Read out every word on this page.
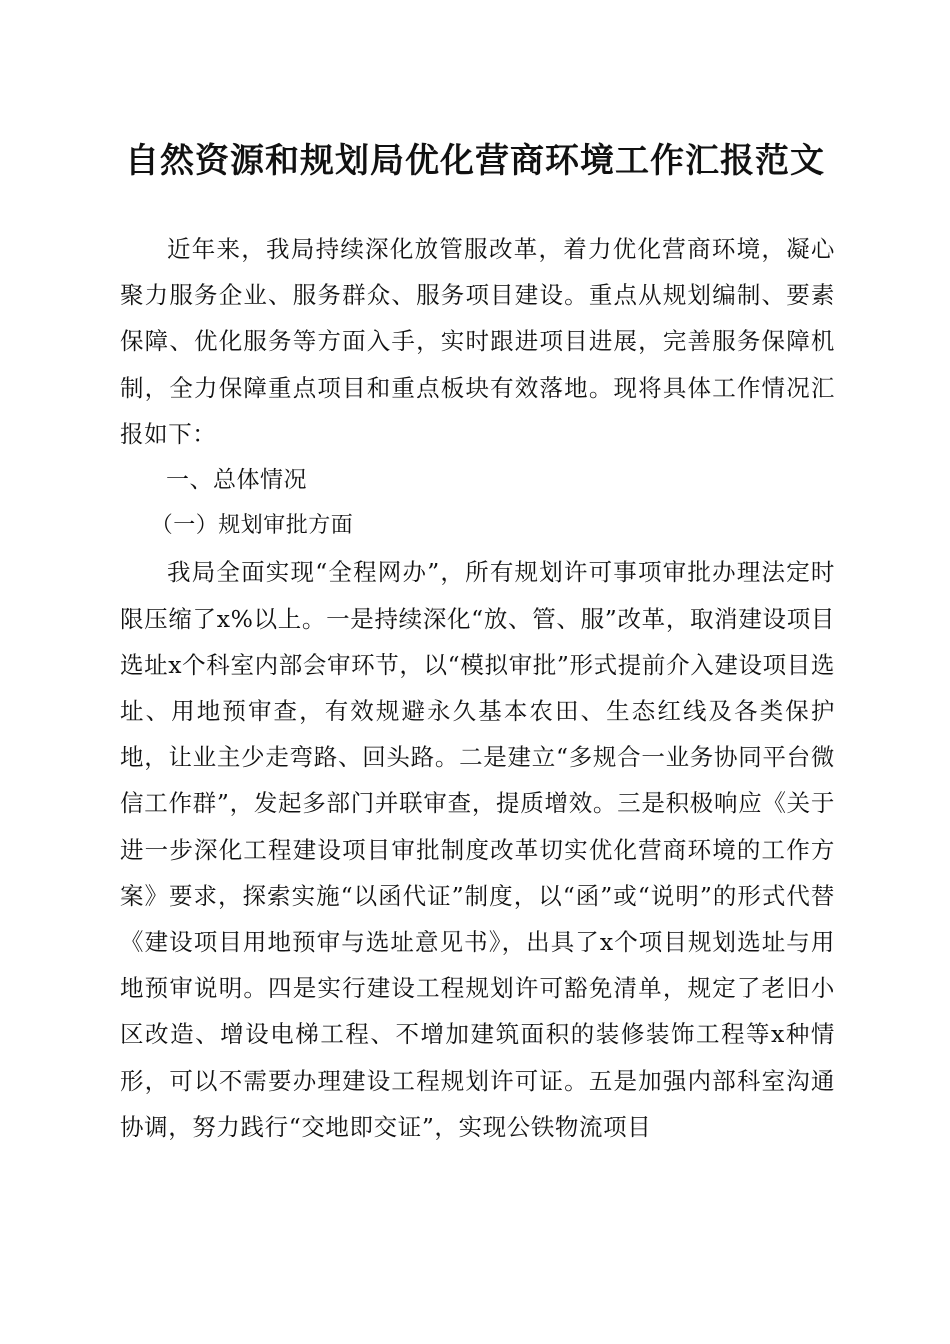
自然资源和规划局优化营商环境工作汇报范文

近年来，我局持续深化放管服改革，着力优化营商环境，凝心聚力服务企业、服务群众、服务项目建设。重点从规划编制、要素保障、优化服务等方面入手，实时跟进项目进展，完善服务保障机制，全力保障重点项目和重点板块有效落地。现将具体工作情况汇报如下：

一、总体情况

（一）规划审批方面

我局全面实现“全程网办”，所有规划许可事项审批办理法定时限压缩了x%以上。一是持续深化“放、管、服”改革，取消建设项目选址x个科室内部会审环节，以“模拟审批”形式提前介入建设项目选址、用地预审查，有效规避永久基本农田、生态红线及各类保护地，让业主少走弯路、回头路。二是建立“多规合一业务协同平台微信工作群”，发起多部门并联审查，提质增效。三是积极响应《关于进一步深化工程建设项目审批制度改革切实优化营商环境的工作方案》要求，探索实施“以函代证”制度，以“函”或“说明”的形式代替《建设项目用地预审与选址意见书》，出具了x个项目规划选址与用地预审说明。四是实行建设工程规划许可豁免清单，规定了老旧小区改造、增设电梯工程、不增加建筑面积的装修装饰工程等x种情形，可以不需要办理建设工程规划许可证。五是加强内部科室沟通协调，努力践行“交地即交证”，实现公铁物流项目
